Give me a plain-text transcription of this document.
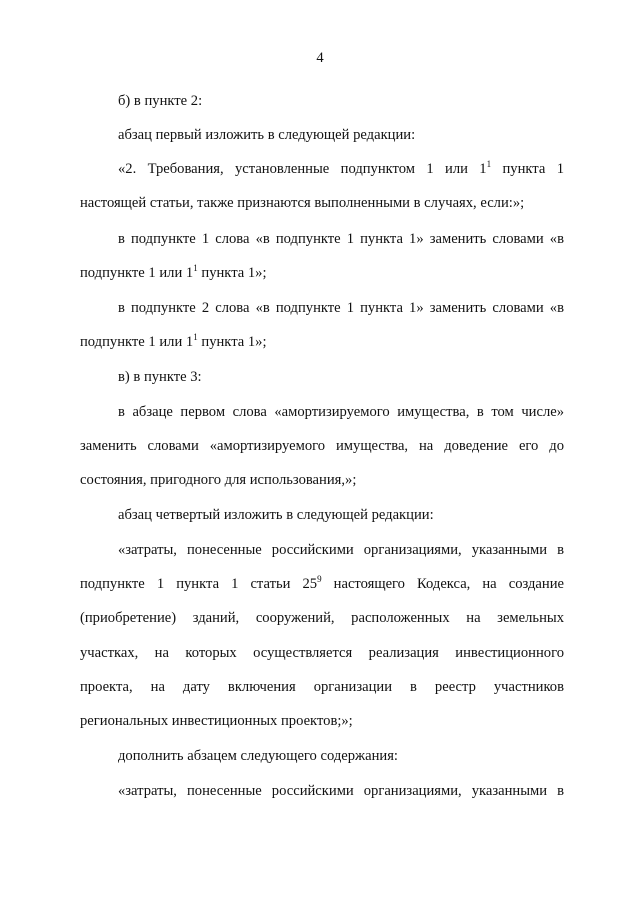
4
б) в пункте 2:
абзац первый изложить в следующей редакции:
«2. Требования, установленные подпунктом 1 или $1^1$ пункта 1
настоящей статьи, также признаются выполненными в случаях, если:»;
в подпункте 1 слова «в подпункте 1 пункта 1» заменить словами «в
подпункте 1 или $1^1$ пункта 1»;
в подпункте 2 слова «в подпункте 1 пункта 1» заменить словами «в
подпункте 1 или $1^1$ пункта 1»;
в) в пункте 3:
в абзаце первом слова «амортизируемого имущества, в том числе»
заменить словами «амортизируемого имущества, на доведение его до
состояния, пригодного для использования,»;
абзац четвертый изложить в следующей редакции:
«затраты, понесенные российскими организациями, указанными в
подпункте 1 пункта 1 статьи $25^9$ настоящего Кодекса, на создание
(приобретение) зданий, сооружений, расположенных на земельных
участках, на которых осуществляется реализация инвестиционного
проекта, на дату включения организации в реестр участников
региональных инвестиционных проектов;»;
дополнить абзацем следующего содержания:
«затраты, понесенные российскими организациями, указанными в
